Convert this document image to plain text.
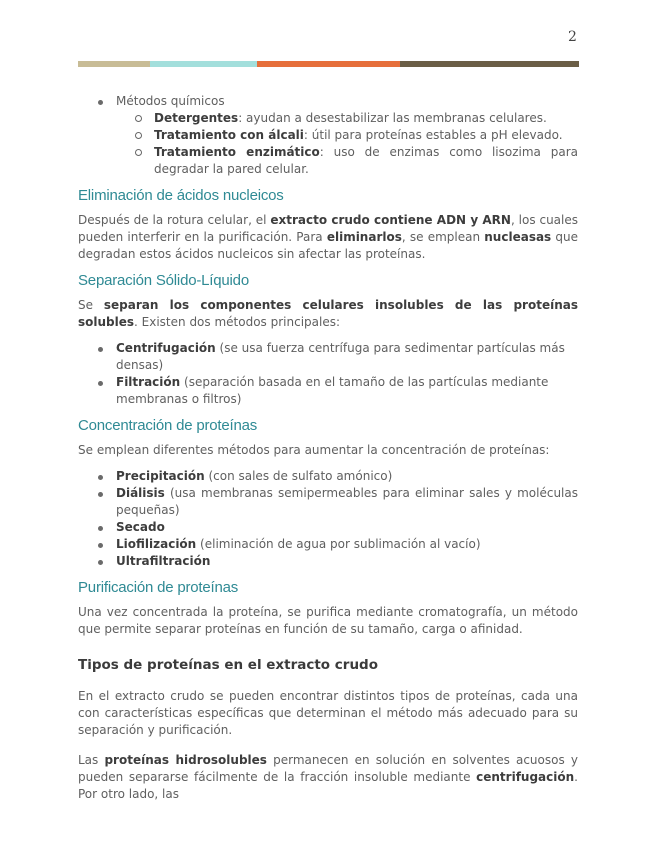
2
Métodos químicos
Detergentes: ayudan a desestabilizar las membranas celulares.
Tratamiento con álcali: útil para proteínas estables a pH elevado.
Tratamiento enzimático: uso de enzimas como lisozima para degradar la pared celular.
Eliminación de ácidos nucleicos

Después de la rotura celular, el extracto crudo contiene ADN y ARN, los cuales pueden interferir en la purificación. Para eliminarlos, se emplean nucleasas que degradan estos ácidos nucleicos sin afectar las proteínas.

Separación Sólido-Líquido

Se separan los componentes celulares insolubles de las proteínas solubles. Existen dos métodos principales:

Centrifugación (se usa fuerza centrífuga para sedimentar partículas más densas)
Filtración (separación basada en el tamaño de las partículas mediante membranas o filtros)
Concentración de proteínas

Se emplean diferentes métodos para aumentar la concentración de proteínas:

Precipitación (con sales de sulfato amónico)
Diálisis (usa membranas semipermeables para eliminar sales y moléculas pequeñas)
Secado
Liofilización (eliminación de agua por sublimación al vacío)
Ultrafiltración
Purificación de proteínas

Una vez concentrada la proteína, se purifica mediante cromatografía, un método que permite separar proteínas en función de su tamaño, carga o afinidad.

Tipos de proteínas en el extracto crudo

En el extracto crudo se pueden encontrar distintos tipos de proteínas, cada una con características específicas que determinan el método más adecuado para su separación y purificación.

Las proteínas hidrosolubles permanecen en solución en solventes acuosos y pueden separarse fácilmente de la fracción insoluble mediante centrifugación. Por otro lado, las
